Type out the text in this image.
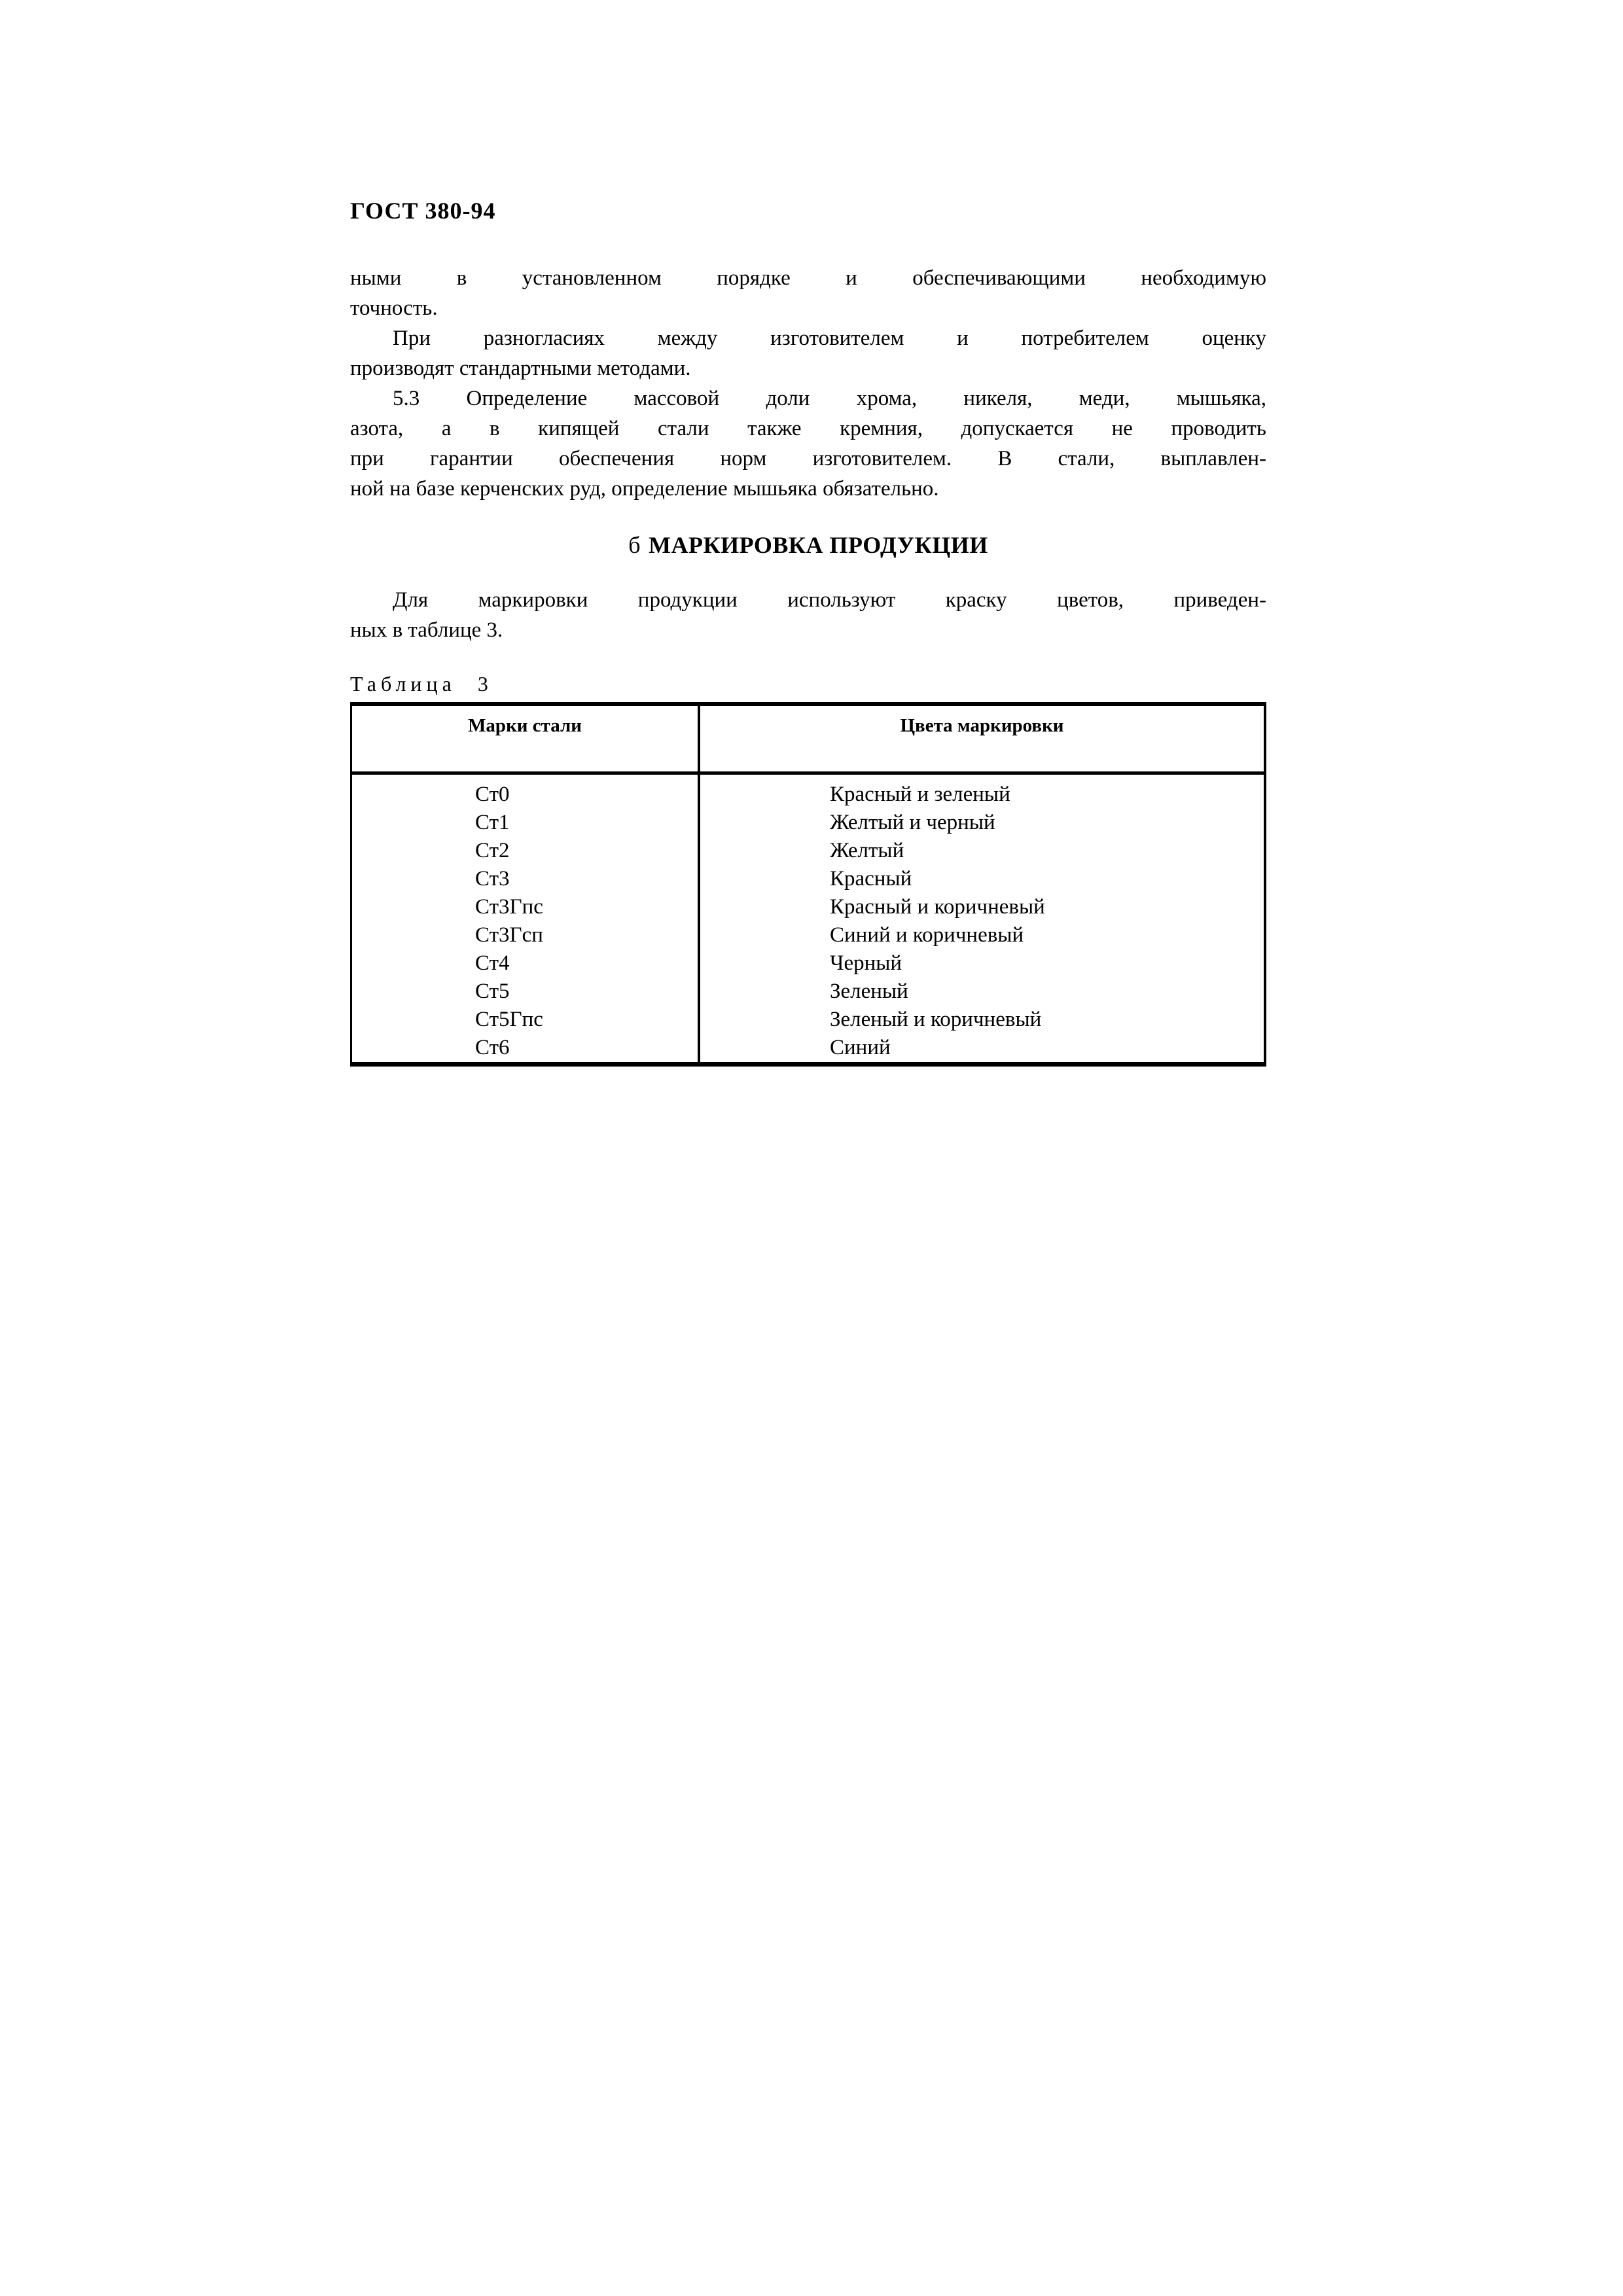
ГОСТ 380-94
ными в установленном порядке и обеспечивающими необходимую
точность.
При разногласиях между изготовителем и потребителем оценку
производят стандартными методами.
5.3 Определение массовой доли хрома, никеля, меди, мышьяка,
азота, а в кипящей стали также кремния, допускается не проводить
при гарантии обеспечения норм изготовителем. В стали, выплавлен-
ной на базе керченских руд, определение мышьяка обязательно.
б МАРКИРОВКА ПРОДУКЦИИ
Для маркировки продукции используют краску цветов, приведен-
ных в таблице 3.
Таблица 3
Марки стали	Цвета маркировки
Ст0	Красный и зеленый
Ст1	Желтый и черный
Ст2	Желтый
Ст3	Красный
Ст3Гпс	Красный и коричневый
Ст3Гсп	Синий и коричневый
Ст4	Черный
Ст5	Зеленый
Ст5Гпс	Зеленый и коричневый
Ст6	Синий
